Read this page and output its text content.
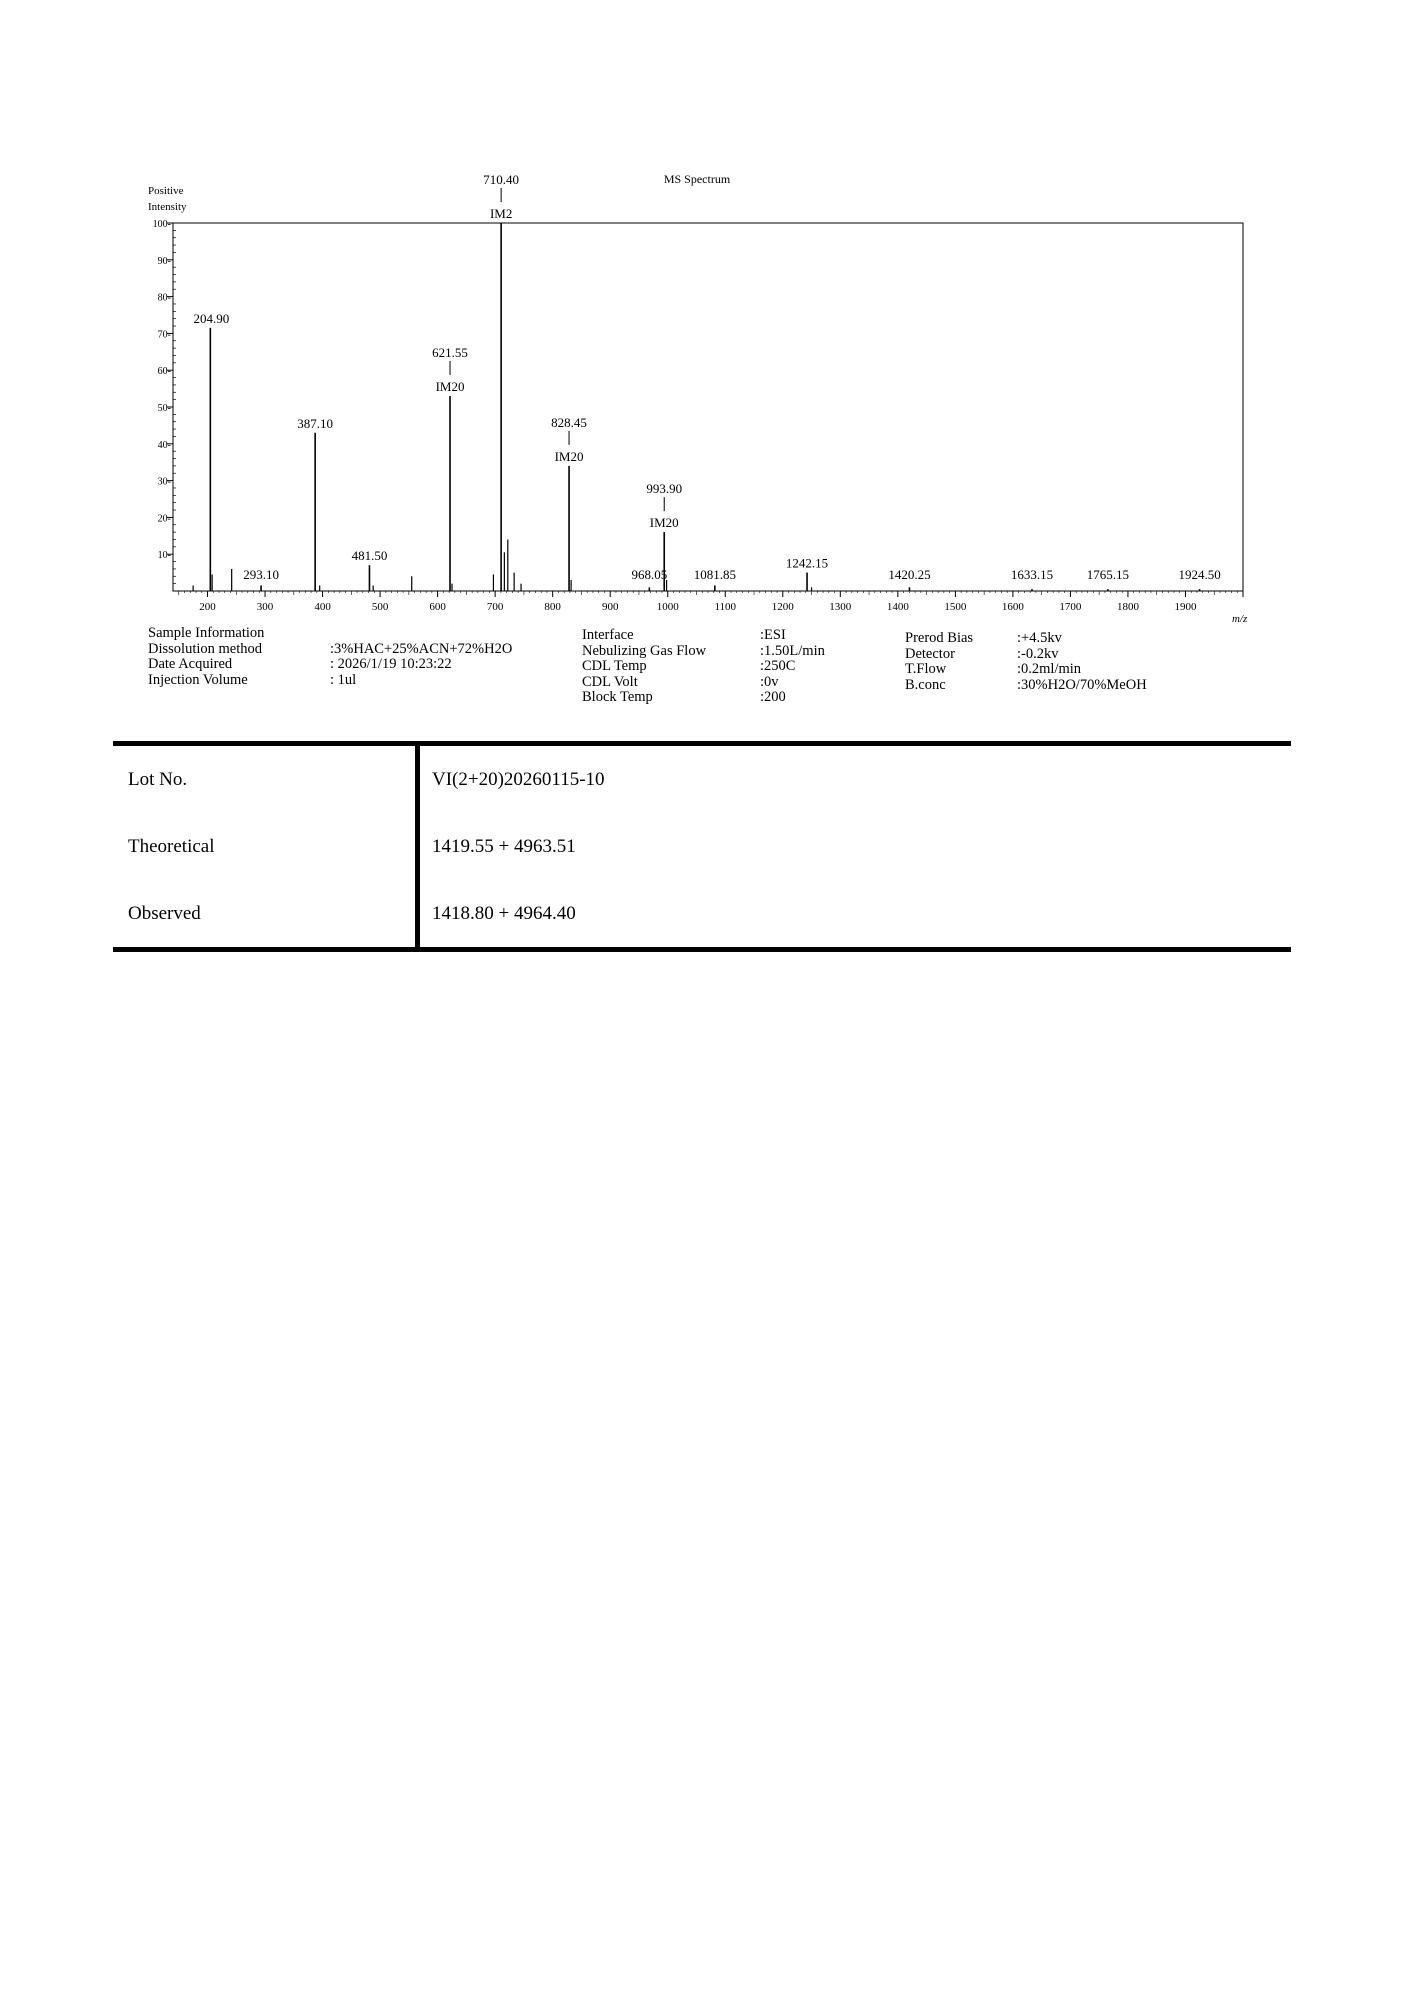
MS Spectrum
Positive
Intensity
10-
20-
30-
40-
50-
60-
70-
80-
90-
100-
200	300	400	500	600	700	800	900	1000	1100	1200	1300	1400	1500	1600	1700	1800	1900
204.90
293.10
387.10
481.50
IM20
621.55
IM2
710.40
IM20
828.45
968.05
IM20
993.90
1081.85
1242.15
1420.25	1633.15	1765.15	1924.50
m/z
Sample Information
Dissolution method	:3%HAC+25%ACN+72%H2O
Date Acquired	: 2026/1/19 10:23:22
Injection Volume	: 1ul
Interface	:ESI
Nebulizing Gas Flow	:1.50L/min
CDL Temp	:250C
CDL Volt	:0v
Block Temp	:200
Prerod Bias	:+4.5kv
Detector	:-0.2kv
T.Flow	:0.2ml/min
B.conc	:30%H2O/70%MeOH
Lot No.	VI(2+20)20260115-10
Theoretical	1419.55 + 4963.51
Observed	1418.80 + 4964.40
